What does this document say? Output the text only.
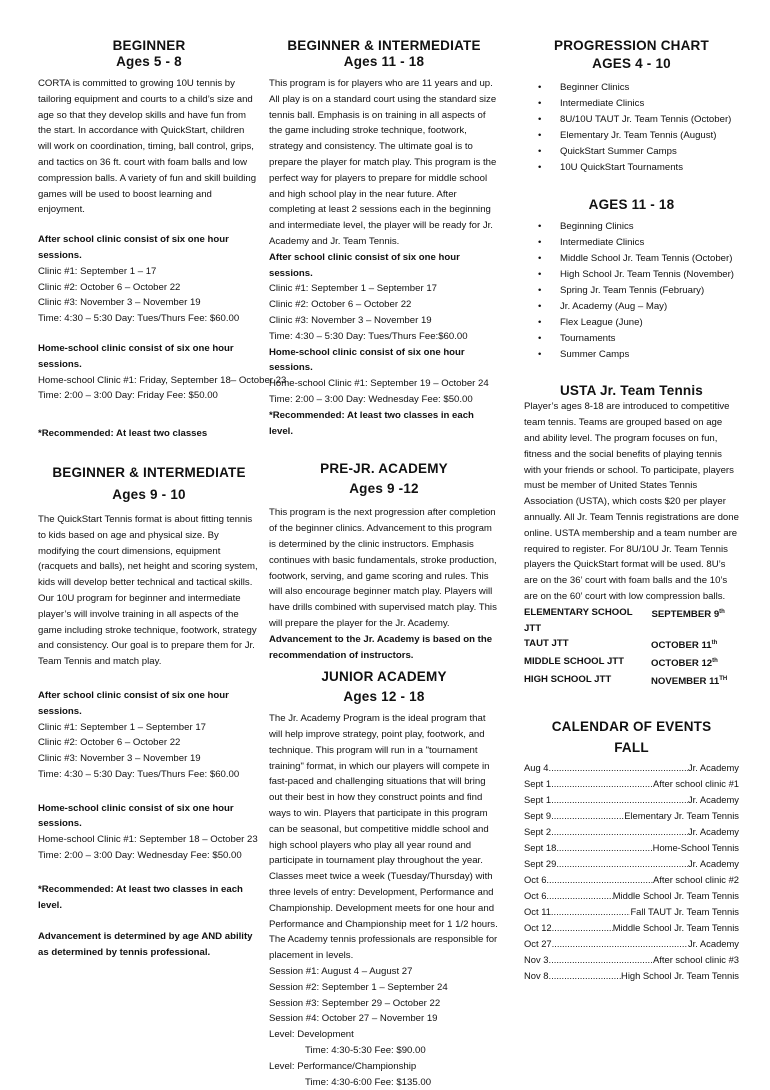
BEGINNER
Ages 5 - 8

CORTA is committed to growing 10U tennis by tailoring equipment and courts to a child’s size and age so that they develop skills and have fun from the start. In accordance with QuickStart, children will work on coordination, timing, ball control, grips, and tactics on 36 ft. court with foam balls and low compression balls. A variety of fun and skill building games will be used to boost learning and enjoyment.

After school clinic consist of six one hour sessions.

Clinic #1: September 1 – 17
Clinic #2: October 6 – October 22
Clinic #3: November 3 – November 19
Time: 4:30 – 5:30 Day: Tues/Thurs Fee: $60.00

Home-school clinic consist of six one hour sessions.

Home-school Clinic #1: Friday, September 18– October 23
Time: 2:00 – 3:00 Day: Friday Fee: $50.00

*Recommended: At least two classes

BEGINNER & INTERMEDIATE
Ages 9 - 10

The QuickStart Tennis format is about fitting tennis to kids based on age and physical size. By modifying the court dimensions, equipment (racquets and balls), net height and scoring system, kids will develop better technical and tactical skills. Our 10U program for beginner and intermediate player’s will involve training in all aspects of the game including stroke technique, footwork, strategy and consistency. Our goal is to prepare them for Jr. Team Tennis and match play.

After school clinic consist of six one hour sessions.

Clinic #1: September 1 – September 17
Clinic #2: October 6 – October 22
Clinic #3: November 3 – November 19
Time: 4:30 – 5:30 Day: Tues/Thurs Fee: $60.00

Home-school clinic consist of six one hour sessions.

Home-school Clinic #1: September 18 – October 23
Time: 2:00 – 3:00 Day: Wednesday Fee: $50.00

*Recommended: At least two classes in each level.

Advancement is determined by age AND ability as determined by tennis professional.

BEGINNER & INTERMEDIATE
Ages 11 - 18

This program is for players who are 11 years and up. All play is on a standard court using the standard size tennis ball. Emphasis is on training in all aspects of the game including stroke technique, footwork, strategy and consistency. The ultimate goal is to prepare the player for match play. This program is the perfect way for players to prepare for middle school and high school play in the near future. After completing at least 2 sessions each in the beginning and intermediate level, the player will be ready for Jr. Academy and Jr. Team Tennis.

After school clinic consist of six one hour sessions.

Clinic #1: September 1 – September 17
Clinic #2: October 6 – October 22
Clinic #3: November 3 – November 19
Time: 4:30 – 5:30 Day: Tues/Thurs Fee:$60.00

Home-school clinic consist of six one hour sessions.

Home-school Clinic #1: September 19 – October 24
Time: 2:00 – 3:00 Day: Wednesday Fee: $50.00

*Recommended: At least two classes in each level.

PRE-JR. ACADEMY
Ages 9 -12

This program is the next progression after completion of the beginner clinics. Advancement to this program is determined by the clinic instructors. Emphasis continues with basic fundamentals, stroke production, footwork, serving, and game scoring and rules. This will also encourage beginner match play. Players will have drills combined with supervised match play. This will prepare the player for the Jr. Academy.

Advancement to the Jr. Academy is based on the recommendation of instructors.

JUNIOR ACADEMY
Ages 12 - 18

The Jr. Academy Program is the ideal program that will help improve strategy, point play, footwork, and technique. This program will run in a "tournament training" format, in which our players will compete in fast-paced and challenging situations that will bring out their best in how they construct points and find ways to win. Players that participate in this program can be seasonal, but competitive middle school and high school players who play all year round and participate in tournament play throughout the year. Classes meet twice a week (Tuesday/Thursday) with three levels of entry: Development, Performance and Championship. Development meets for one hour and Performance and Championship meet for 1 1/2 hours. The Academy tennis professionals are responsible for placement in levels.

Session #1: August 4 – August 27
Session #2: September 1 – September 24
Session #3: September 29 – October 22
Session #4: October 27 – November 19
Level: Development
Time: 4:30-5:30 Fee: $90.00
Level: Performance/Championship
Time: 4:30-6:00 Fee: $135.00
PROGRESSION CHART
AGES 4 - 10
• Beginner Clinics
• Intermediate Clinics
• 8U/10U TAUT Jr. Team Tennis (October)
• Elementary Jr. Team Tennis (August)
• QuickStart Summer Camps
• 10U QuickStart Tournaments
AGES 11 - 18
• Beginning Clinics
• Intermediate Clinics
• Middle School Jr. Team Tennis (October)
• High School Jr. Team Tennis (November)
• Spring Jr. Team Tennis (February)
• Jr. Academy (Aug – May)
• Flex League (June)
• Tournaments
• Summer Camps
USTA Jr. Team Tennis

Player’s ages 8-18 are introduced to competitive team tennis. Teams are grouped based on age and ability level. The program focuses on fun, fitness and the social benefits of playing tennis with your friends or school. To participate, players must be member of United States Tennis Association (USTA), which costs $20 per player annually. All Jr. Team Tennis registrations are done online. USTA membership and a team number are required to register. For 8U/10U Jr. Team Tennis players the QuickStart format will be used. 8U’s are on the 36’ court with foam balls and the 10’s are on the 60’ court with low compression balls.

ELEMENTARY SCHOOL JTT
SEPTEMBER 9th
TAUT JTT	OCTOBER 11th
MIDDLE SCHOOL JTT	OCTOBER 12th
HIGH SCHOOL JTT	NOVEMBER 11TH
CALENDAR OF EVENTS
FALL
Aug 4 .....	Jr. Academy
Sept 1 .....	After school clinic #1
Sept 1 .....	Jr. Academy
Sept 9 .....	Elementary Jr. Team Tennis
Sept 2 .....	Jr. Academy
Sept 18 .....	Home-School Tennis
Sept 29 .....	Jr. Academy
Oct 6 .....	After school clinic #2
Oct 6 .....	Middle School Jr. Team Tennis
Oct 11 .....	Fall TAUT Jr. Team Tennis
Oct 12 .....	Middle School Jr. Team Tennis
Oct 27 .....	Jr. Academy
Nov 3 .....	After school clinic #3
Nov 8 .....	High School Jr. Team Tennis
